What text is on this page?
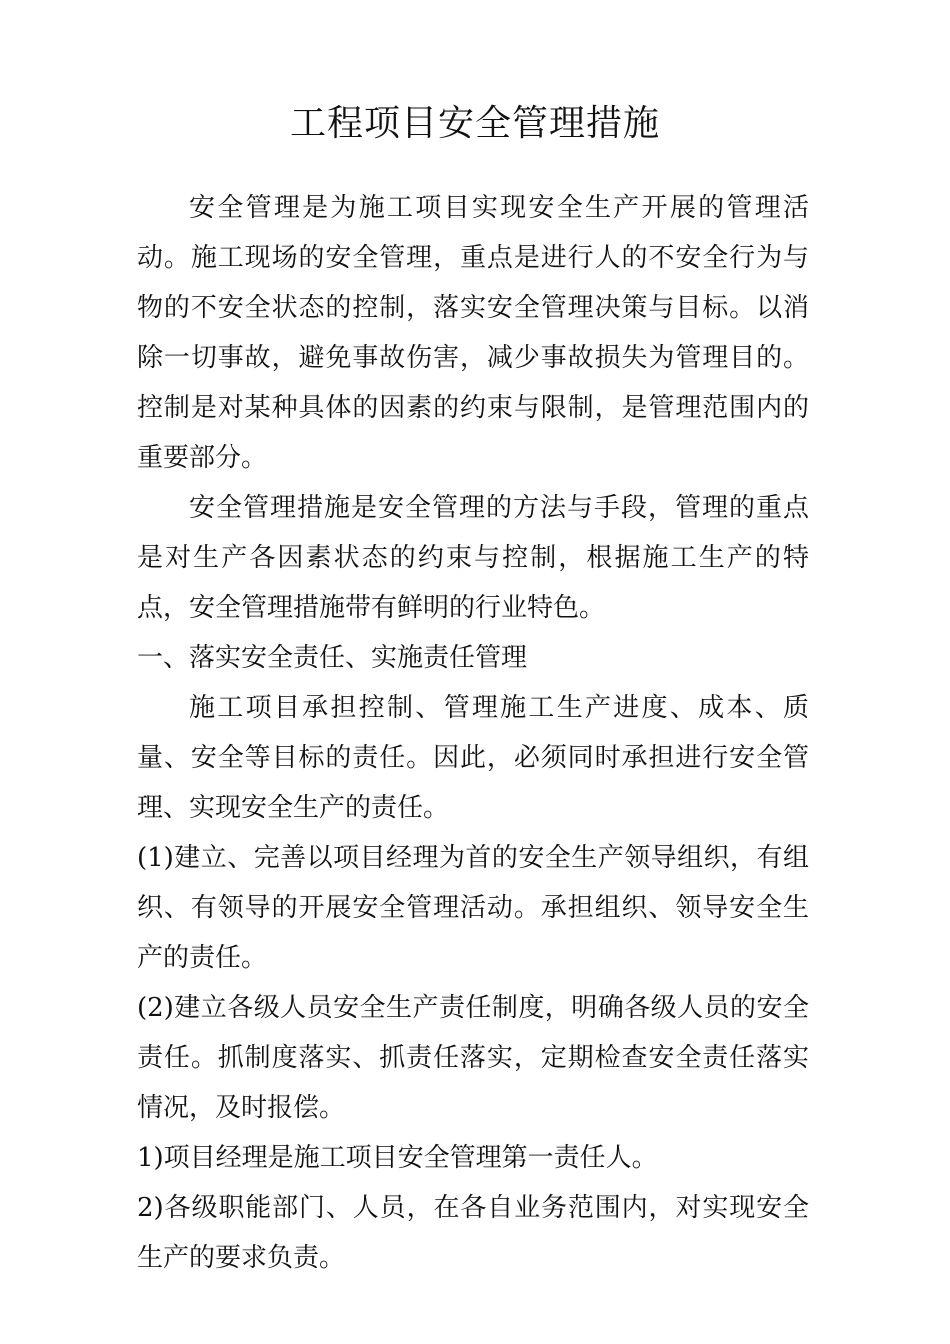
工程项目安全管理措施

安全管理是为施工项目实现安全生产开展的管理活动。施工现场的安全管理，重点是进行人的不安全行为与物的不安全状态的控制，落实安全管理决策与目标。以消除一切事故，避免事故伤害，减少事故损失为管理目的。控制是对某种具体的因素的约束与限制，是管理范围内的重要部分。

安全管理措施是安全管理的方法与手段，管理的重点是对生产各因素状态的约束与控制，根据施工生产的特点，安全管理措施带有鲜明的行业特色。

一、落实安全责任、实施责任管理

施工项目承担控制、管理施工生产进度、成本、质量、安全等目标的责任。因此，必须同时承担进行安全管理、实现安全生产的责任。

(1)建立、完善以项目经理为首的安全生产领导组织，有组织、有领导的开展安全管理活动。承担组织、领导安全生产的责任。

(2)建立各级人员安全生产责任制度，明确各级人员的安全责任。抓制度落实、抓责任落实，定期检查安全责任落实情况，及时报偿。

1)项目经理是施工项目安全管理第一责任人。

2)各级职能部门、人员，在各自业务范围内，对实现安全生产的要求负责。
